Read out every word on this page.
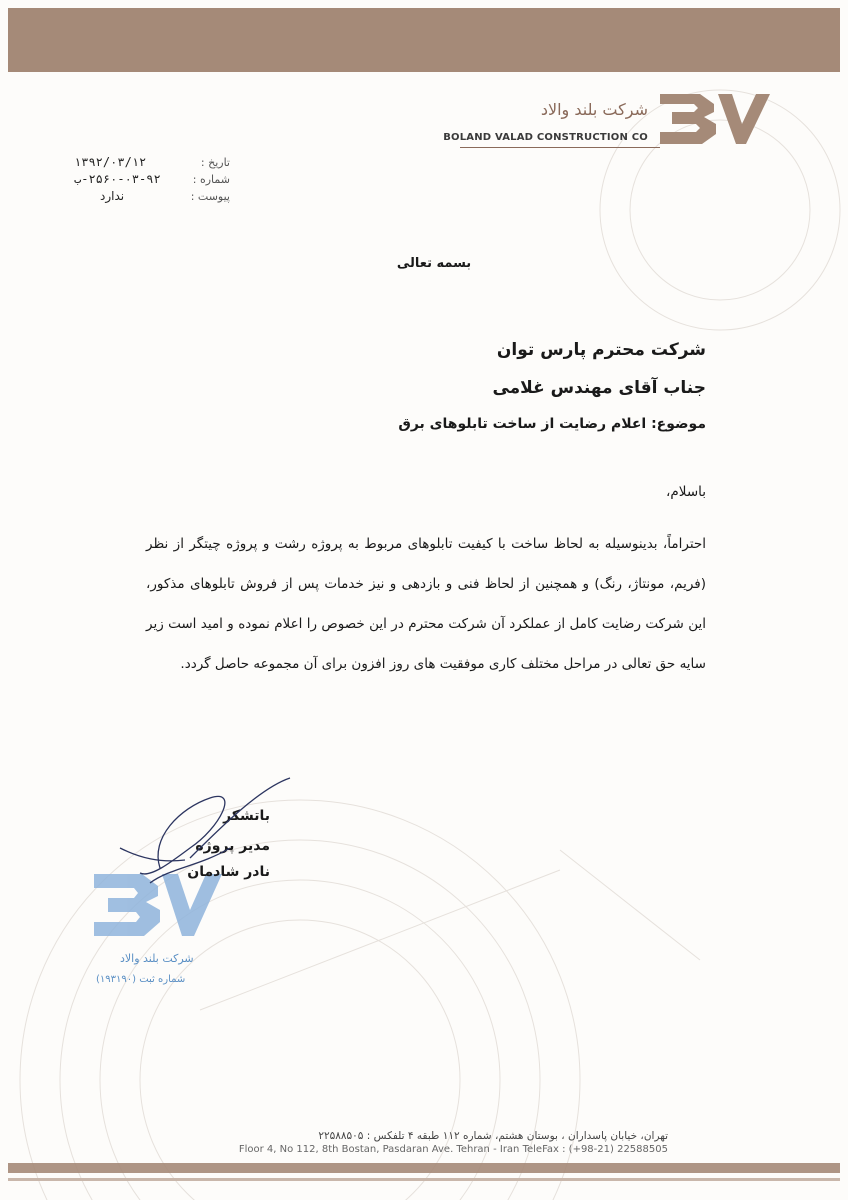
شرکت بلند والاد
BOLAND VALAD CONSTRUCTION CO
تاریخ :
۱۳۹۲/۰۳/۱۲
شماره :
۲۵۶۰-۰۳-۹۲-ب
پیوست :
ندارد
بسمه تعالی
شرکت محترم پارس توان
جناب آقای مهندس غلامی
موضوع: اعلام رضایت از ساخت تابلوهای برق
باسلام،
احتراماً، بدینوسیله به لحاظ ساخت با کیفیت تابلوهای مربوط به پروژه رشت و پروژه چیتگر از نظر (فریم، مونتاژ، رنگ) و همچنین از لحاظ فنی و بازدهی و نیز خدمات پس از فروش تابلوهای مذکور، این شرکت رضایت کامل از عملکرد آن شرکت محترم در این خصوص را اعلام نموده و امید است زیر سایه حق تعالی در مراحل مختلف کاری موفقیت های روز افزون برای آن مجموعه حاصل گردد.
شرکت بلند والاد
شماره ثبت (۱۹۳۱۹۰)
باتشکر
مدیر پروژه
نادر شادمان
تهران، خیابان پاسداران ، بوستان هشتم، شماره ۱۱۲ طبقه ۴ تلفکس : ۲۲۵۸۸۵۰۵
Floor 4, No 112, 8th Bostan, Pasdaran Ave. Tehran - Iran TeleFax : (+98-21) 22588505
